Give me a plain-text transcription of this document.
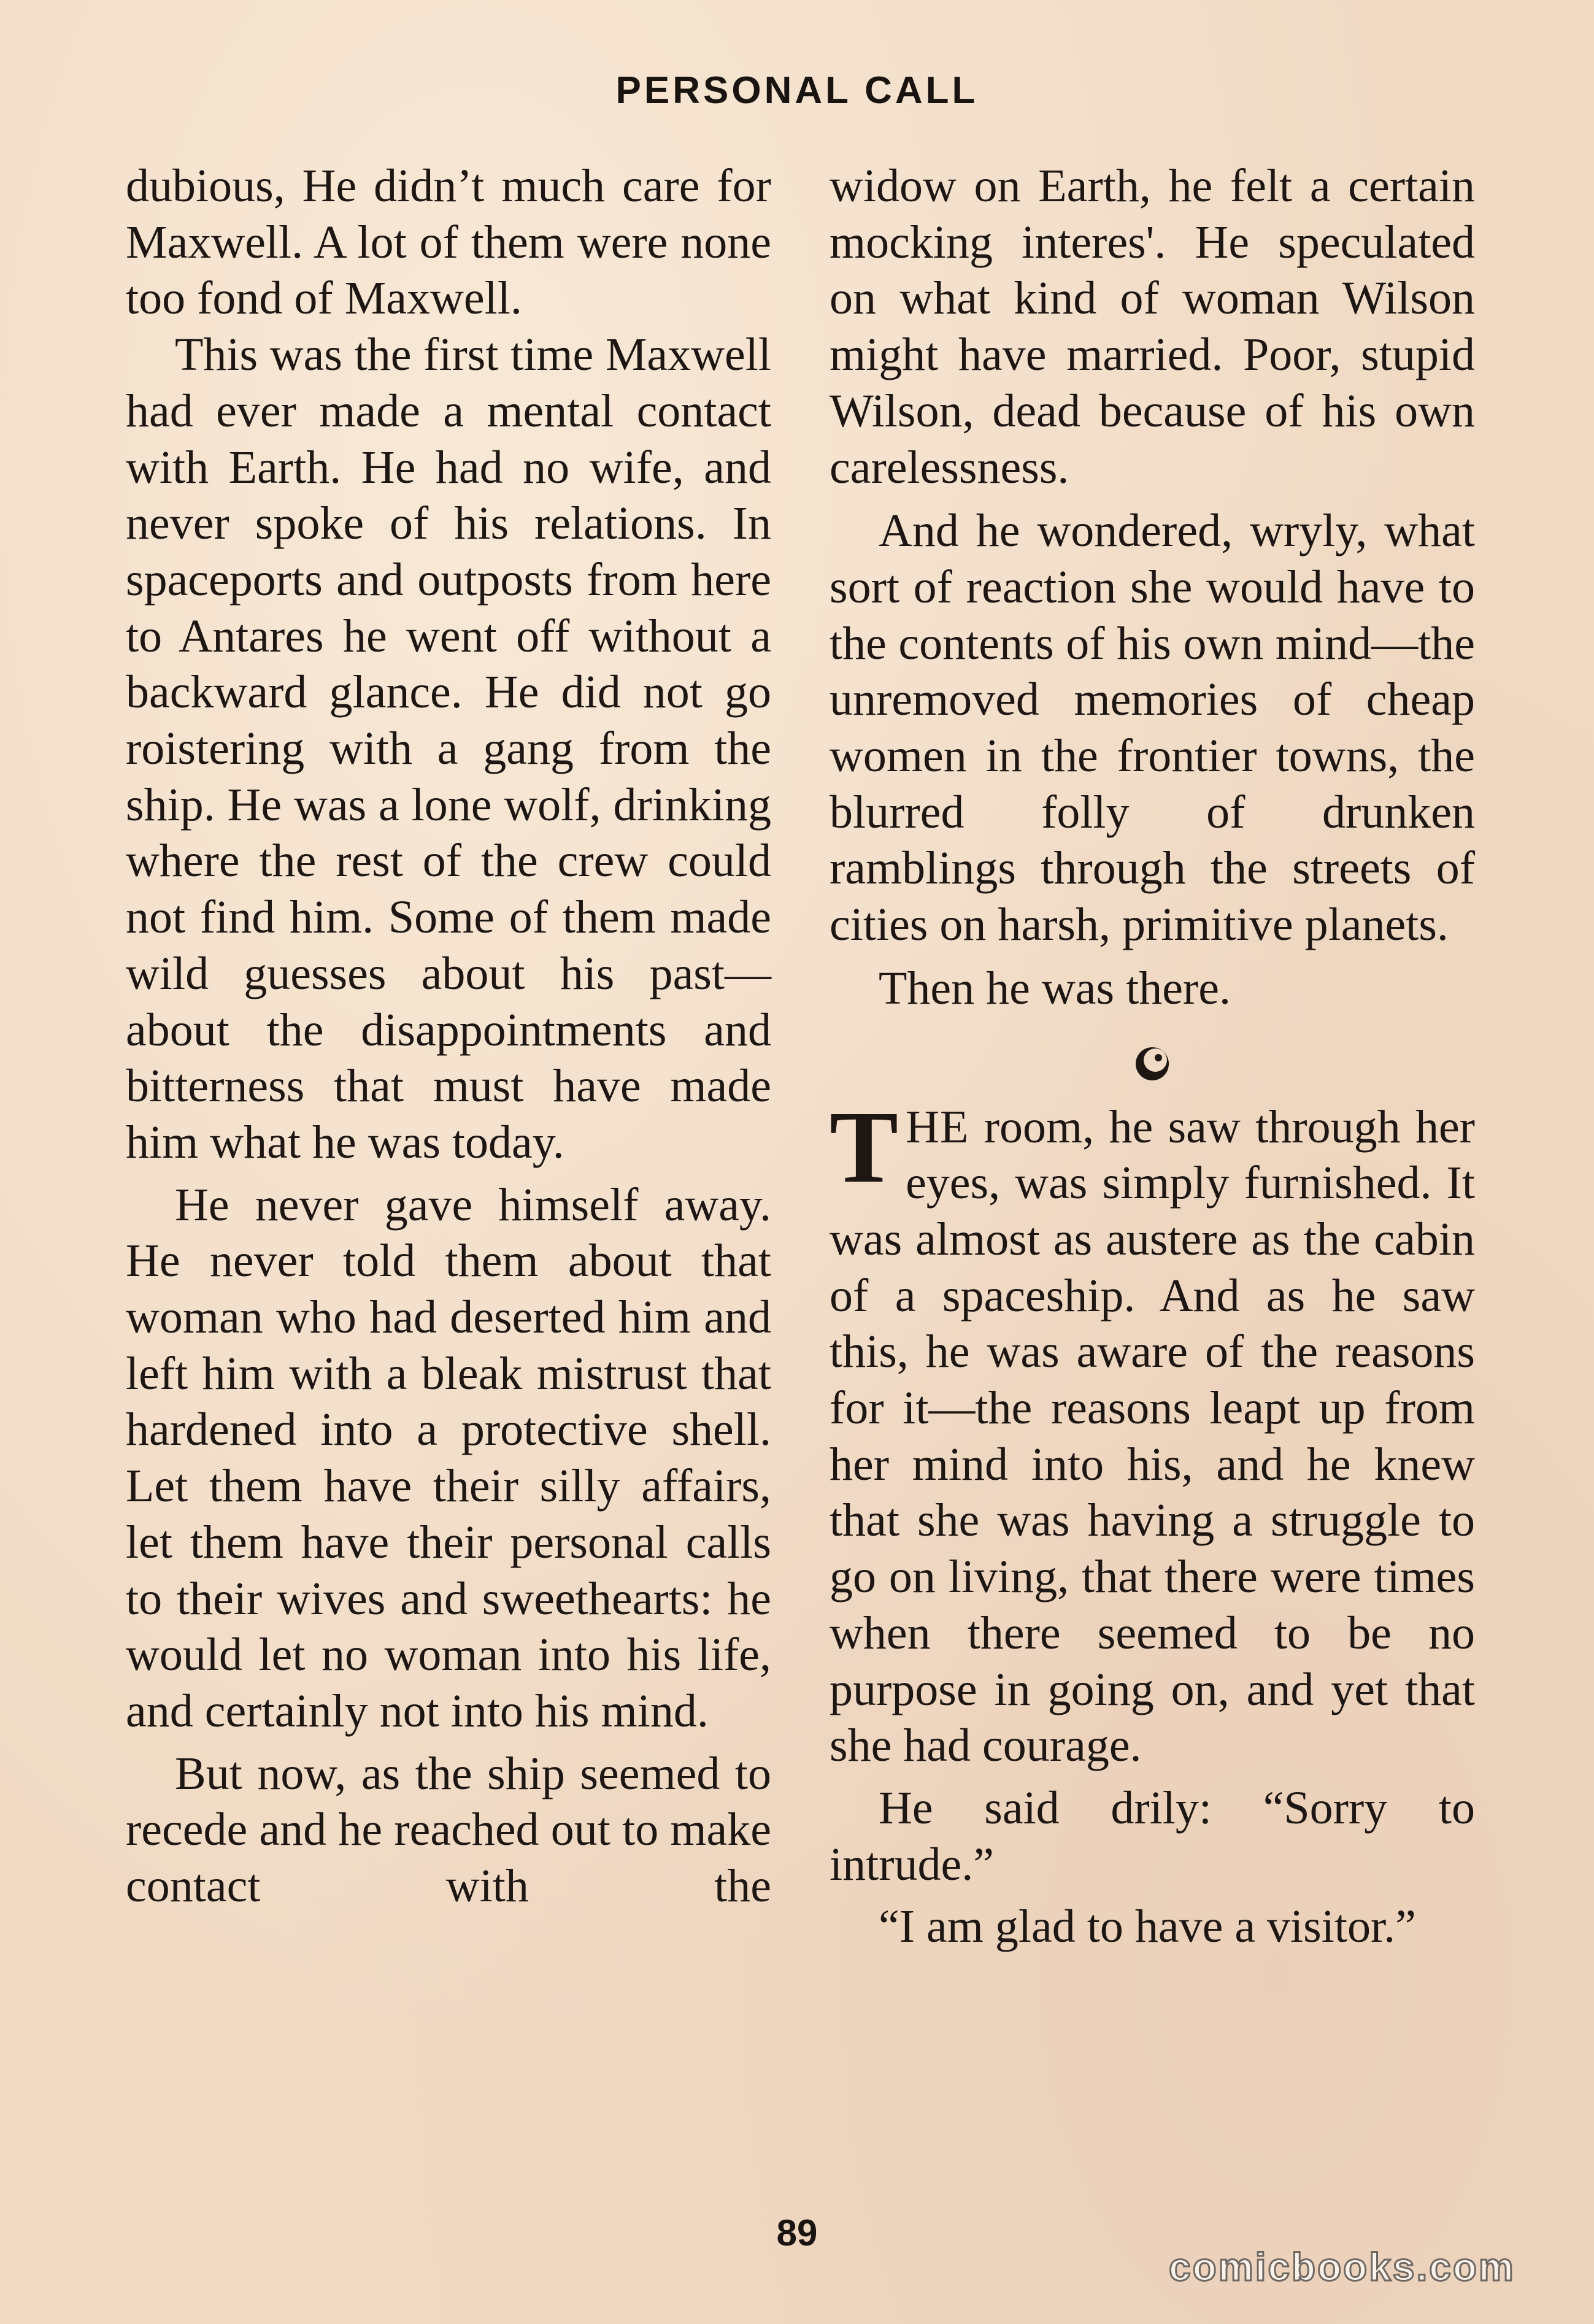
PERSONAL CALL

dubious, He didn’t much care for Maxwell. A lot of them were none too fond of Maxwell.

This was the first time Maxwell had ever made a mental contact with Earth. He had no wife, and never spoke of his relations. In spaceports and outposts from here to Antares he went off without a backward glance. He did not go roistering with a gang from the ship. He was a lone wolf, drinking where the rest of the crew could not find him. Some of them made wild guesses about his past—about the disappointments and bitterness that must have made him what he was today.

He never gave himself away. He never told them about that woman who had deserted him and left him with a bleak mistrust that hardened into a protective shell. Let them have their silly affairs, let them have their personal calls to their wives and sweethearts: he would let no woman into his life, and certainly not into his mind.

But now, as the ship seemed to recede and he reached out to make contact with the

widow on Earth, he felt a certain mocking interes'. He speculated on what kind of woman Wilson might have married. Poor, stupid Wilson, dead because of his own carelessness.

And he wondered, wryly, what sort of reaction she would have to the contents of his own mind—the unremoved memories of cheap women in the frontier towns, the blurred folly of drunken ramblings through the streets of cities on harsh, primitive planets.

Then he was there.

THE room, he saw through her eyes, was simply furnished. It was almost as austere as the cabin of a spaceship. And as he saw this, he was aware of the reasons for it—the reasons leapt up from her mind into his, and he knew that she was having a struggle to go on living, that there were times when there seemed to be no purpose in going on, and yet that she had courage.

He said drily: “Sorry to intrude.”

“I am glad to have a visitor.”

89
comicbooks.com
